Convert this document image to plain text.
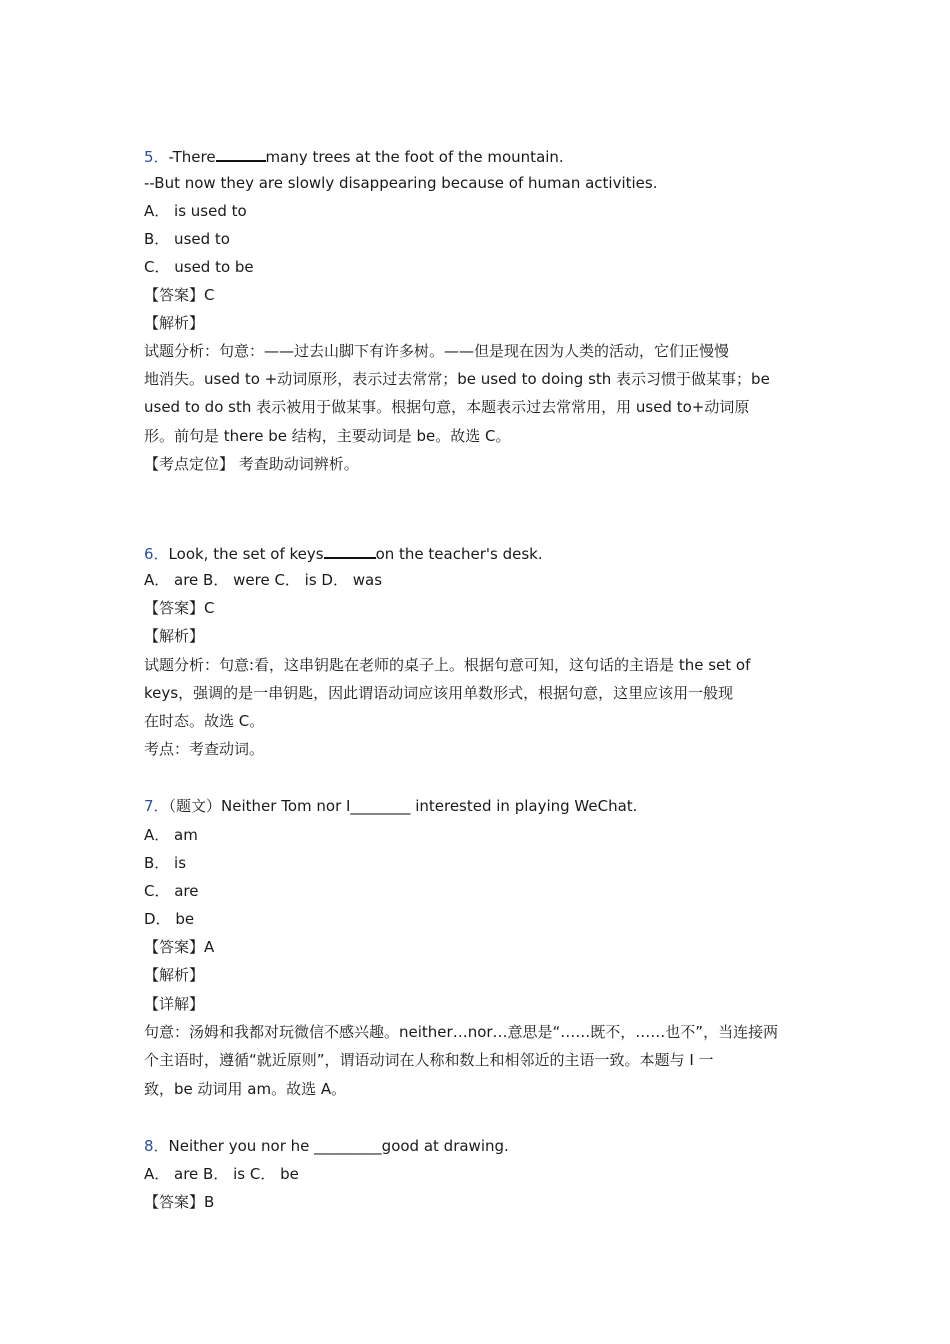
5．-There	many trees at the foot of the mountain.
--But now they are slowly disappearing because of human activities.
A． is used to
B． used to
C． used to be
【答案】C
【解析】
试题分析：句意：——过去山脚下有许多树。——但是现在因为人类的活动，它们正慢慢
地消失。used to +动词原形，表示过去常常；be used to doing sth 表示习惯于做某事；be
used to do sth 表示被用于做某事。根据句意，本题表示过去常常用，用 used to+动词原
形。前句是 there be 结构，主要动词是 be。故选 C。
【考点定位】 考查助动词辨析。
6．Look, the set of keys	on the teacher's desk.
A． are B． were C． is D． was
【答案】C
【解析】
试题分析：句意:看，这串钥匙在老师的桌子上。根据句意可知，这句话的主语是 the set of
keys，强调的是一串钥匙，因此谓语动词应该用单数形式，根据句意，这里应该用一般现
在时态。故选 C。
考点：考查动词。
7．（题文）Neither Tom nor I________ interested in playing WeChat.
A． am
B． is
C． are
D． be
【答案】A
【解析】
【详解】
句意：汤姆和我都对玩微信不感兴趣。neither…nor…意思是“……既不，……也不”，当连接两
个主语时，遵循“就近原则”，谓语动词在人称和数上和相邻近的主语一致。本题与 I 一
致，be 动词用 am。故选 A。
8．Neither you nor he _________good at drawing.
A． are B． is C． be
【答案】B
